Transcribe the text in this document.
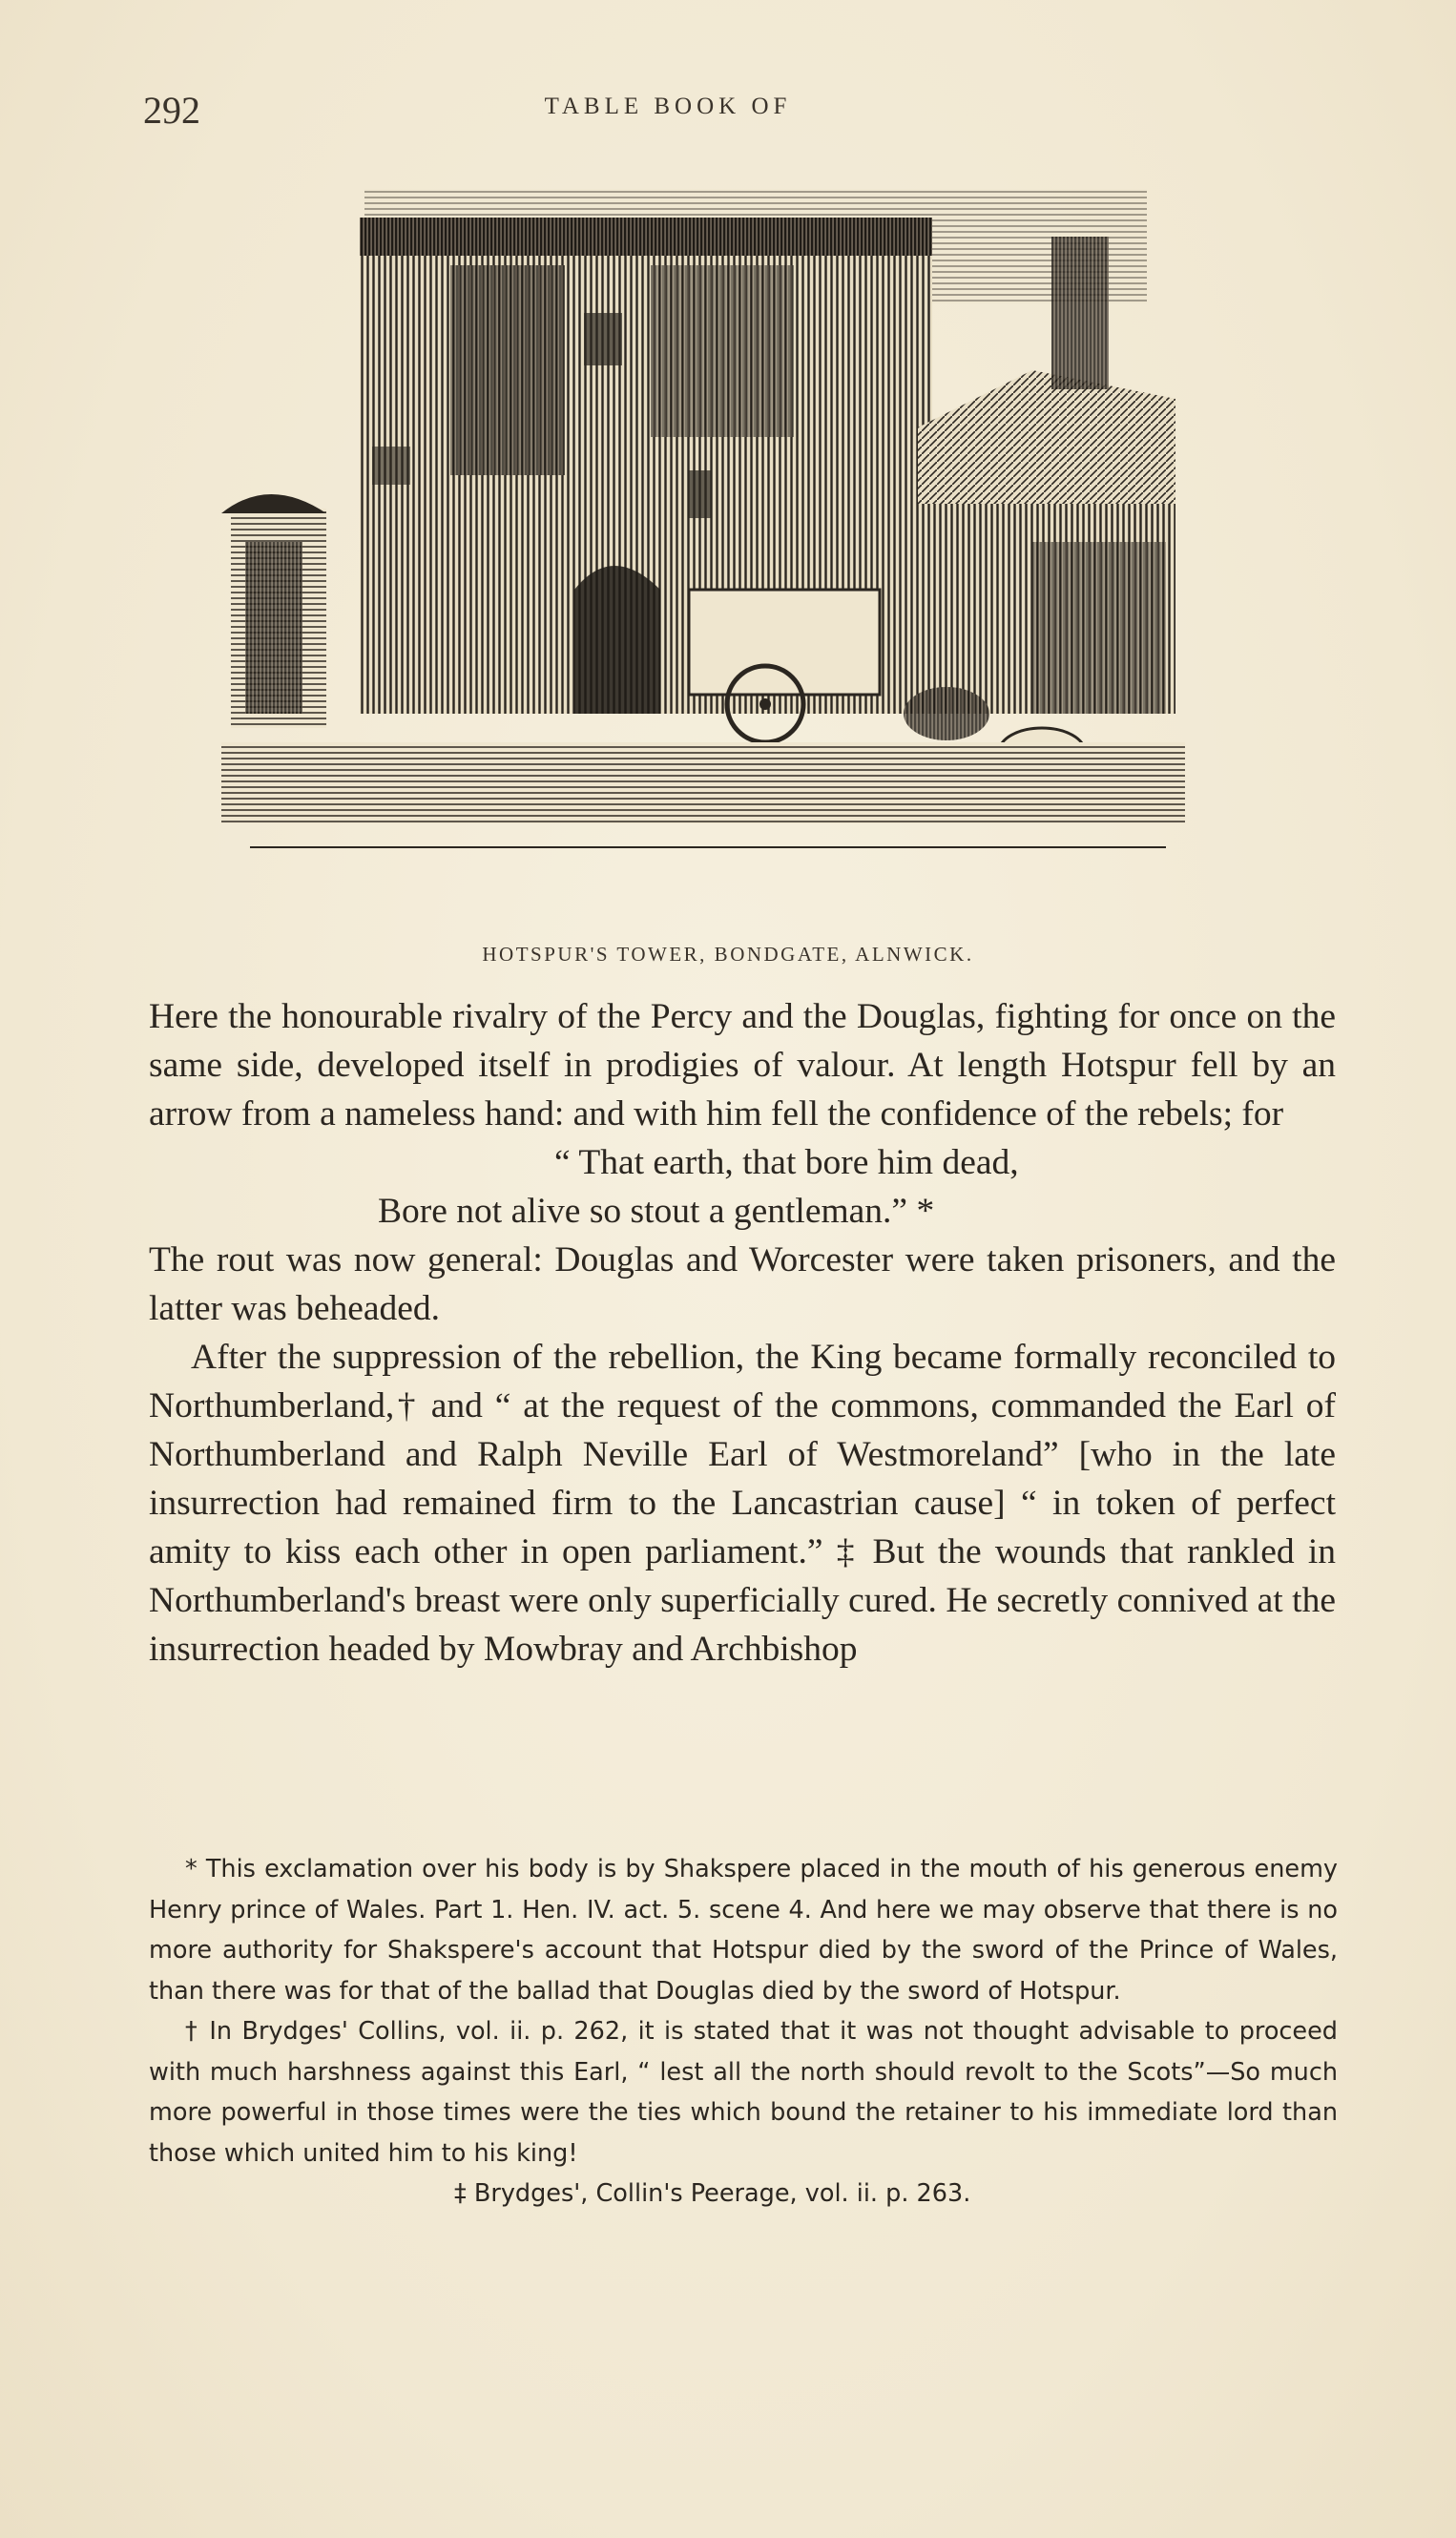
292	TABLE BOOK OF
HOTSPUR'S TOWER, BONDGATE, ALNWICK.

Here the honourable rivalry of the Percy and the Douglas, fighting for once on the same side, developed itself in prodigies of valour. At length Hotspur fell by an arrow from a nameless hand: and with him fell the confidence of the rebels; for

“ That earth, that bore him dead,

Bore not alive so stout a gentleman.” *

The rout was now general: Douglas and Worcester were taken prisoners, and the latter was beheaded.

After the suppression of the rebellion, the King became formally reconciled to Northumberland,† and “ at the request of the commons, commanded the Earl of Northumberland and Ralph Neville Earl of Westmoreland” [who in the late insurrection had remained firm to the Lancastrian cause] “ in token of perfect amity to kiss each other in open parliament.” ‡ But the wounds that rankled in Northumberland's breast were only superficially cured. He secretly connived at the insurrection headed by Mowbray and Archbishop

* This exclamation over his body is by Shakspere placed in the mouth of his generous enemy Henry prince of Wales. Part 1. Hen. IV. act. 5. scene 4. And here we may observe that there is no more authority for Shakspere's account that Hotspur died by the sword of the Prince of Wales, than there was for that of the ballad that Douglas died by the sword of Hotspur.

† In Brydges' Collins, vol. ii. p. 262, it is stated that it was not thought advisable to proceed with much harshness against this Earl, “ lest all the north should revolt to the Scots”—So much more powerful in those times were the ties which bound the retainer to his immediate lord than those which united him to his king!

‡ Brydges', Collin's Peerage, vol. ii. p. 263.
